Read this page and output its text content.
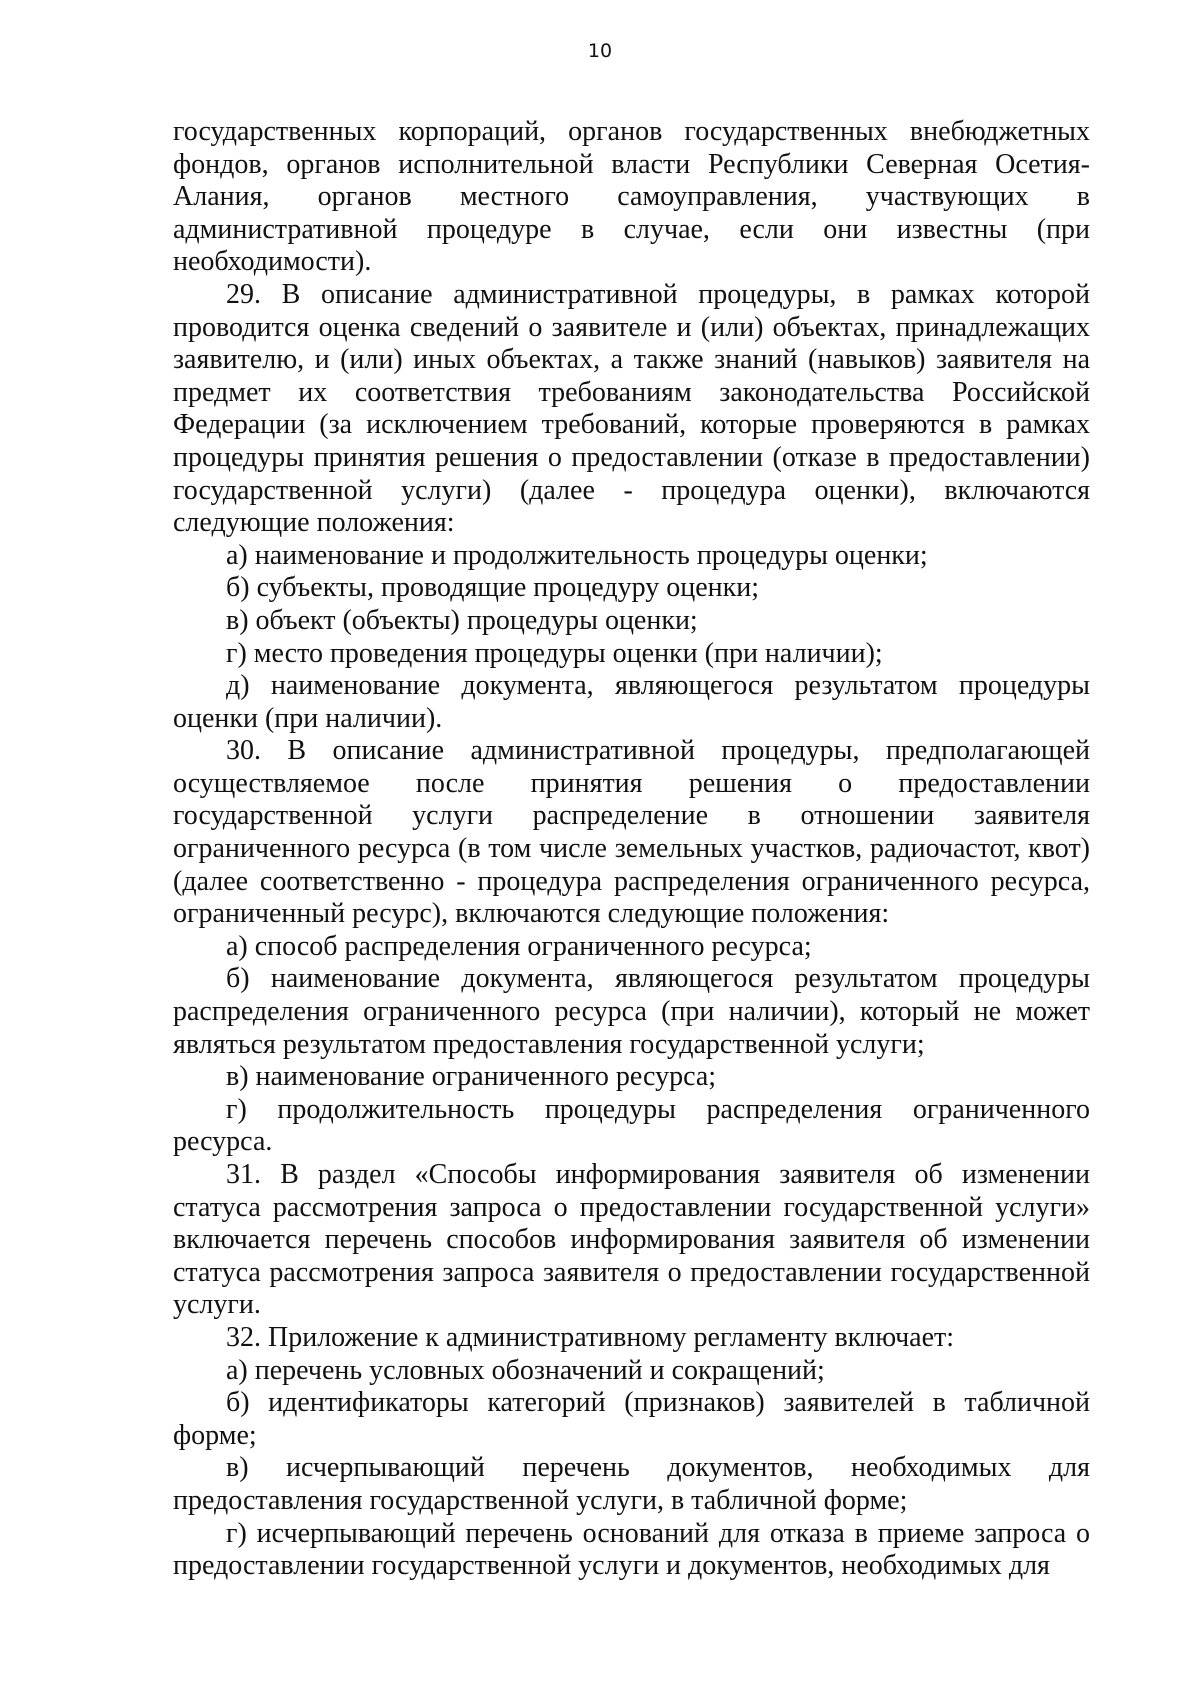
10

государственных корпораций, органов государственных внебюджетных фондов, органов исполнительной власти Республики Северная Осетия-Алания, органов местного самоуправления, участвующих в административной процедуре в случае, если они известны (при необходимости).

29. В описание административной процедуры, в рамках которой проводится оценка сведений о заявителе и (или) объектах, принадлежащих заявителю, и (или) иных объектах, а также знаний (навыков) заявителя на предмет их соответствия требованиям законодательства Российской Федерации (за исключением требований, которые проверяются в рамках процедуры принятия решения о предоставлении (отказе в предоставлении) государственной услуги) (далее - процедура оценки), включаются следующие положения:

а) наименование и продолжительность процедуры оценки;

б) субъекты, проводящие процедуру оценки;

в) объект (объекты) процедуры оценки;

г) место проведения процедуры оценки (при наличии);

д) наименование документа, являющегося результатом процедуры оценки (при наличии).

30. В описание административной процедуры, предполагающей осуществляемое после принятия решения о предоставлении государственной услуги распределение в отношении заявителя ограниченного ресурса (в том числе земельных участков, радиочастот, квот) (далее соответственно - процедура распределения ограниченного ресурса, ограниченный ресурс), включаются следующие положения:

а) способ распределения ограниченного ресурса;

б) наименование документа, являющегося результатом процедуры распределения ограниченного ресурса (при наличии), который не может являться результатом предоставления государственной услуги;

в) наименование ограниченного ресурса;

г) продолжительность процедуры распределения ограниченного ресурса.

31. В раздел «Способы информирования заявителя об изменении статуса рассмотрения запроса о предоставлении государственной услуги» включается перечень способов информирования заявителя об изменении статуса рассмотрения запроса заявителя о предоставлении государственной услуги.

32. Приложение к административному регламенту включает:

а) перечень условных обозначений и сокращений;

б) идентификаторы категорий (признаков) заявителей в табличной форме;

в) исчерпывающий перечень документов, необходимых для предоставления государственной услуги, в табличной форме;

г) исчерпывающий перечень оснований для отказа в приеме запроса о предоставлении государственной услуги и документов, необходимых для
